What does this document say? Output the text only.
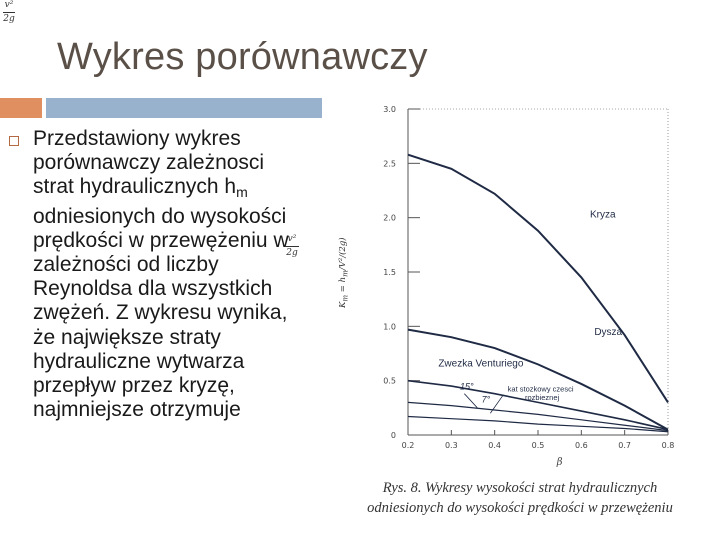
v²
2g
Wykres porównawczy
Przedstawiony wykres porównawczy zależnosci strat hydraulicznych $h_m$ odniesionych do wysokości prędkości w przewężeniu w zależności od liczby Reynoldsa dla wszystkich zwężeń. Z wykresu wynika, że największe straty hydrauliczne wytwarza przepływ przez kryzę, najmniejsze otrzymuje
v²
2g
0
0.5
1.0
1.5
2.0
2.5
3.0
0.2	0.3	0.4	0.5	0.6	0.7	0.8
β
Kryza
Dysza
Zwezka Venturiego
15°
7°
kat stozkowy czesci
rozbieznej
$K_m = h_m/V^2/(2g)$
Rys. 8. Wykresy wysokości strat hydraulicznych odniesionych do wysokości prędkości w przewężeniu
